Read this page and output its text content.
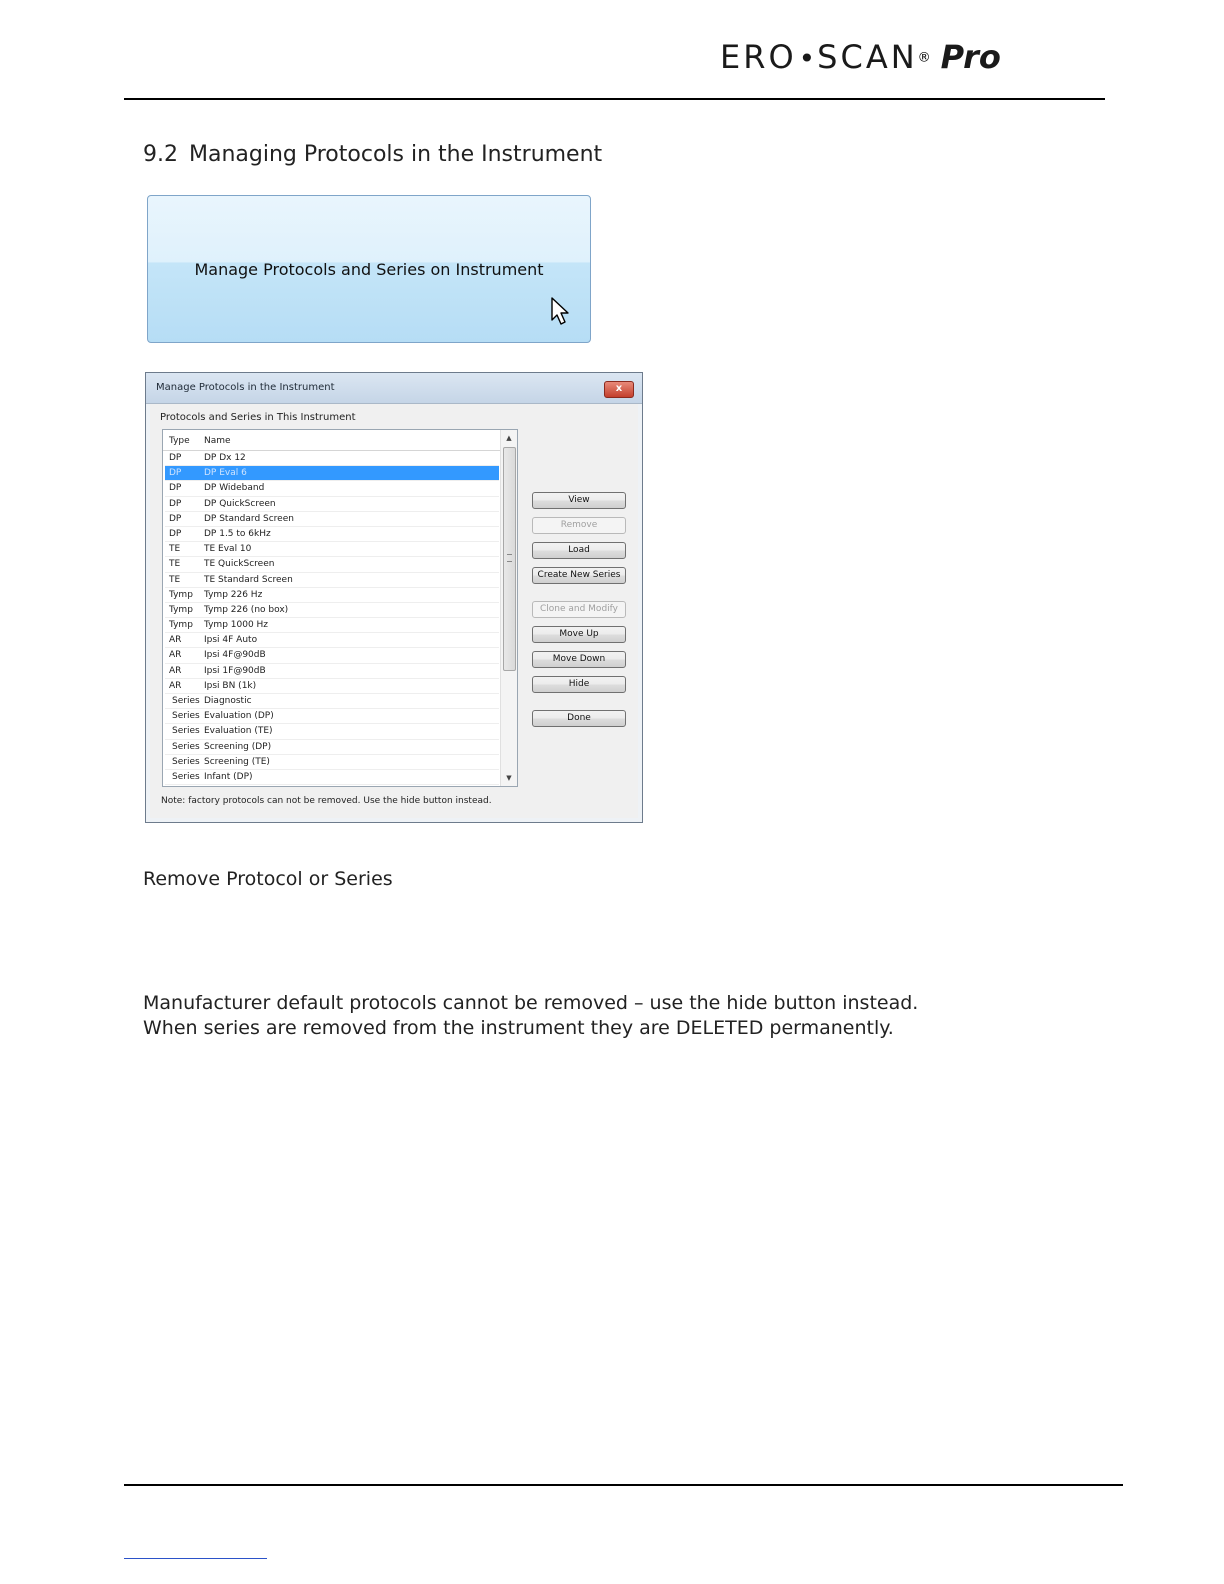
ERO•SCAN® Pro
9.2 Managing Protocols in the Instrument
Manage Protocols and Series on Instrument
Manage Protocols in the Instrument	x
Protocols and Series in This Instrument
Type Name
DP	DP Dx 12
DP	DP Eval 6
DP	DP Wideband
DP	DP QuickScreen
DP	DP Standard Screen
DP	DP 1.5 to 6kHz
TE	TE Eval 10
TE	TE QuickScreen
TE	TE Standard Screen
Tymp Tymp 226 Hz
Tymp Tymp 226 (no box)
Tymp Tymp 1000 Hz
AR	Ipsi 4F Auto
AR	Ipsi 4F@90dB
AR	Ipsi 1F@90dB
AR	Ipsi BN (1k)
Series Diagnostic
Series Evaluation (DP)
Series Evaluation (TE)
Series Screening (DP)
Series Screening (TE)
Series Infant (DP)
▲
▼
View
Remove
Load
Create New Series
Clone and Modify
Move Up
Move Down
Hide
Done
Note: factory protocols can not be removed. Use the hide button instead.
Remove Protocol or Series
Manufacturer default protocols cannot be removed – use the hide button instead.
When series are removed from the instrument they are DELETED permanently.
